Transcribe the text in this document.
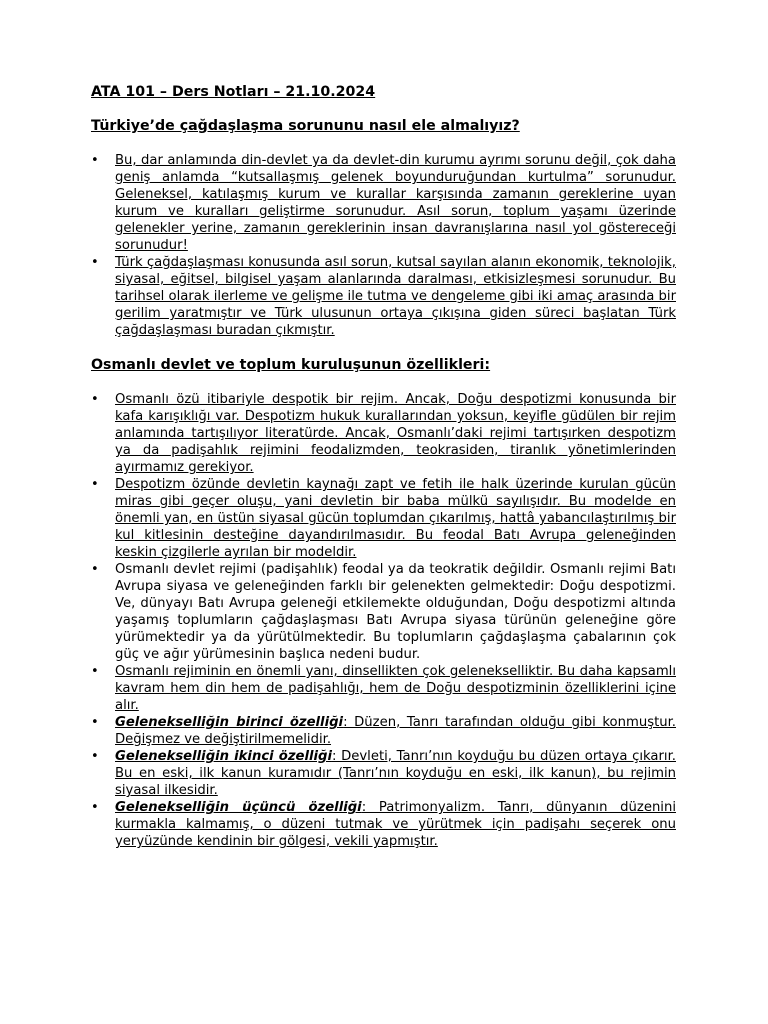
ATA 101 – Ders Notları – 21.10.2024

Türkiye’de çağdaşlaşma sorununu nasıl ele almalıyız?

• Bu, dar anlamında din-devlet ya da devlet-din kurumu ayrımı sorunu değil, çok daha geniş anlamda “kutsallaşmış gelenek boyunduruğundan kurtulma” sorunudur. Geleneksel, katılaşmış kurum ve kurallar karşısında zamanın gereklerine uyan kurum ve kuralları geliştirme sorunudur. Asıl sorun, toplum yaşamı üzerinde gelenekler yerine, zamanın gereklerinin insan davranışlarına nasıl yol göstereceği sorunudur!
• Türk çağdaşlaşması konusunda asıl sorun, kutsal sayılan alanın ekonomik, teknolojik, siyasal, eğitsel, bilgisel yaşam alanlarında daralması, etkisizleşmesi sorunudur. Bu tarihsel olarak ilerleme ve gelişme ile tutma ve dengeleme gibi iki amaç arasında bir gerilim yaratmıştır ve Türk ulusunun ortaya çıkışına giden süreci başlatan Türk çağdaşlaşması buradan çıkmıştır.

Osmanlı devlet ve toplum kuruluşunun özellikleri:

• Osmanlı özü itibariyle despotik bir rejim. Ancak, Doğu despotizmi konusunda bir kafa karışıklığı var. Despotizm hukuk kurallarından yoksun, keyifle güdülen bir rejim anlamında tartışılıyor literatürde. Ancak, Osmanlı’daki rejimi tartışırken despotizm ya da padişahlık rejimini feodalizmden, teokrasiden, tiranlık yönetimlerinden ayırmamız gerekiyor.
• Despotizm özünde devletin kaynağı zapt ve fetih ile halk üzerinde kurulan gücün miras gibi geçer oluşu, yani devletin bir baba mülkü sayılışıdır. Bu modelde en önemli yan, en üstün siyasal gücün toplumdan çıkarılmış, hattâ yabancılaştırılmış bir kul kitlesinin desteğine dayandırılmasıdır. Bu feodal Batı Avrupa geleneğinden keskin çizgilerle ayrılan bir modeldir.
• Osmanlı devlet rejimi (padişahlık) feodal ya da teokratik değildir. Osmanlı rejimi Batı Avrupa siyasa ve geleneğinden farklı bir gelenekten gelmektedir: Doğu despotizmi. Ve, dünyayı Batı Avrupa geleneği etkilemekte olduğundan, Doğu despotizmi altında yaşamış toplumların çağdaşlaşması Batı Avrupa siyasa türünün geleneğine göre yürümektedir ya da yürütülmektedir. Bu toplumların çağdaşlaşma çabalarının çok güç ve ağır yürümesinin başlıca nedeni budur.
• Osmanlı rejiminin en önemli yanı, dinsellikten çok gelenekselliktir. Bu daha kapsamlı kavram hem din hem de padişahlığı, hem de Doğu despotizminin özelliklerini içine alır.
• Gelenekselliğin birinci özelliği: Düzen, Tanrı tarafından olduğu gibi konmuştur. Değişmez ve değiştirilmemelidir.
• Gelenekselliğin ikinci özelliği: Devleti, Tanrı’nın koyduğu bu düzen ortaya çıkarır. Bu en eski, ilk kanun kuramıdır (Tanrı’nın koyduğu en eski, ilk kanun), bu rejimin siyasal ilkesidir.
• Gelenekselliğin üçüncü özelliği: Patrimonyalizm. Tanrı, dünyanın düzenini kurmakla kalmamış, o düzeni tutmak ve yürütmek için padişahı seçerek onu yeryüzünde kendinin bir gölgesi, vekili yapmıştır.
